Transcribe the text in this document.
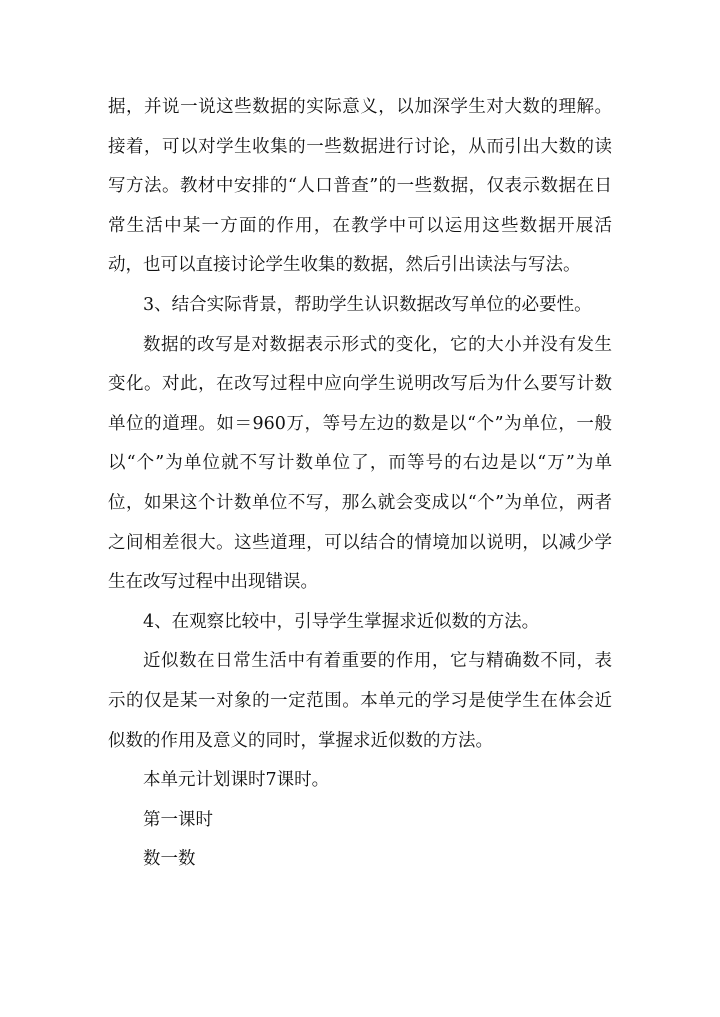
据，并说一说这些数据的实际意义，以加深学生对大数的理解。接着，可以对学生收集的一些数据进行讨论，从而引出大数的读写方法。教材中安排的“人口普查”的一些数据，仅表示数据在日常生活中某一方面的作用，在教学中可以运用这些数据开展活动，也可以直接讨论学生收集的数据，然后引出读法与写法。

3、结合实际背景，帮助学生认识数据改写单位的必要性。

数据的改写是对数据表示形式的变化，它的大小并没有发生变化。对此，在改写过程中应向学生说明改写后为什么要写计数单位的道理。如＝960万，等号左边的数是以“个”为单位，一般以“个”为单位就不写计数单位了，而等号的右边是以“万”为单位，如果这个计数单位不写，那么就会变成以“个”为单位，两者之间相差很大。这些道理，可以结合的情境加以说明，以减少学生在改写过程中出现错误。

4、在观察比较中，引导学生掌握求近似数的方法。

近似数在日常生活中有着重要的作用，它与精确数不同，表示的仅是某一对象的一定范围。本单元的学习是使学生在体会近似数的作用及意义的同时，掌握求近似数的方法。

本单元计划课时7课时。

第一课时

数一数
